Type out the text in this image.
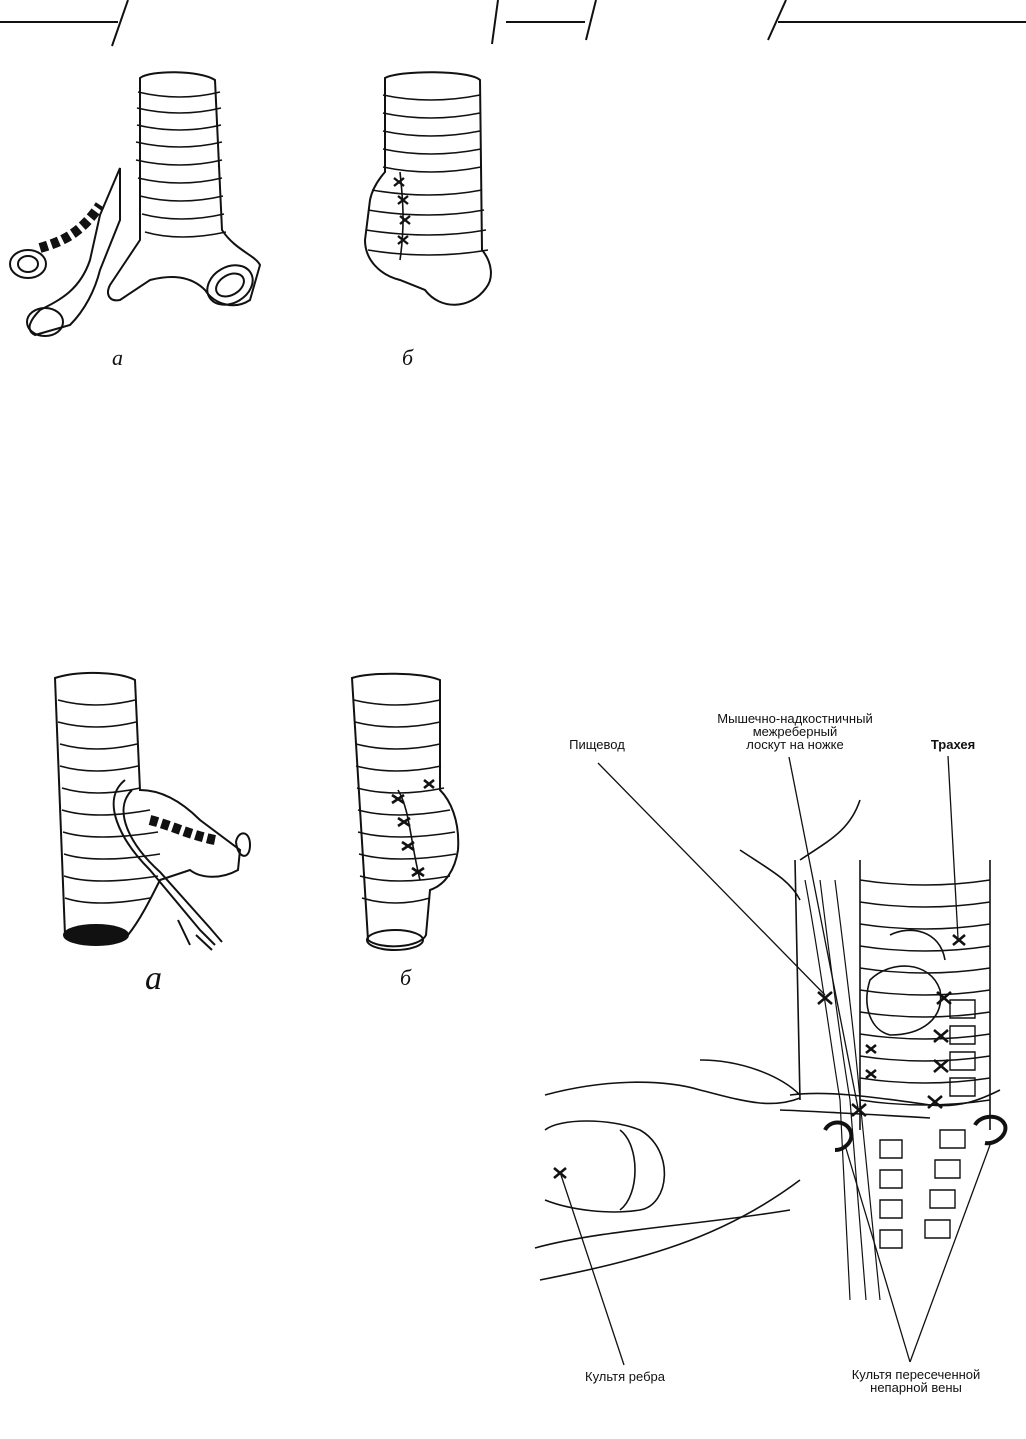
а	б
а	б
Пищевод
Мышечно-надкостничный
межреберный
лоскут на ножке	Трахея
Культя ребра	Культя пересеченной
непарной вены
